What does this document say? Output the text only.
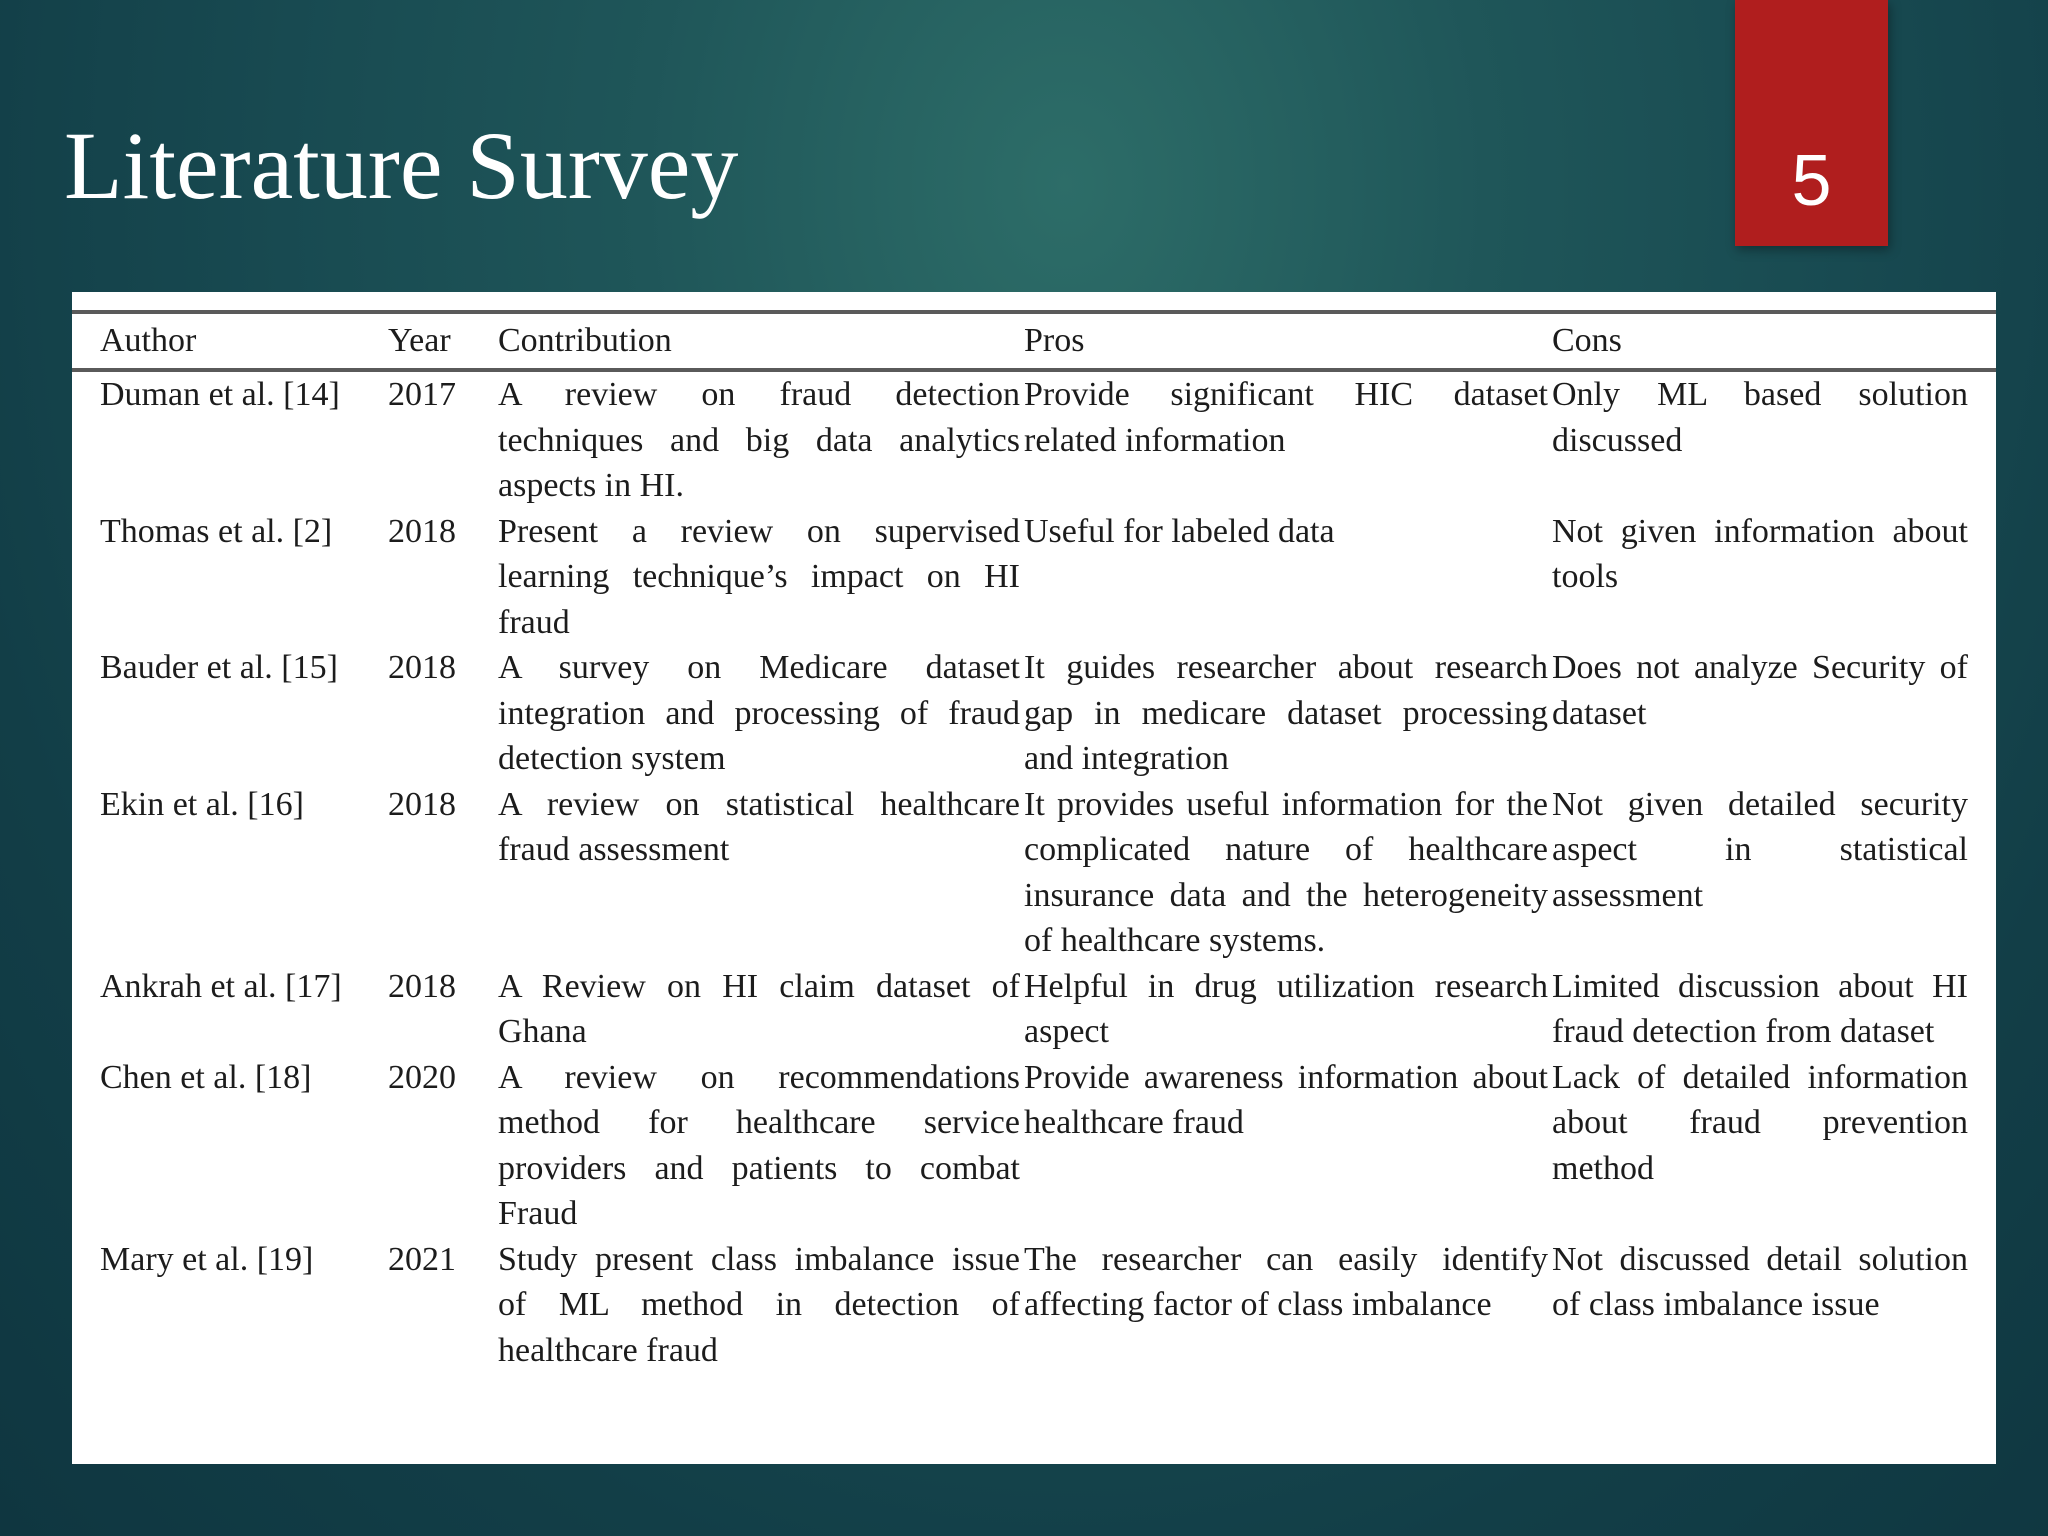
Literature Survey	5
Author	Year	Contribution	Pros	Cons
Duman et al. [14]	2017	A review on fraud detection techniques and big data analytics aspects in HI.	Provide significant HIC dataset related information	Only ML based solution discussed
Thomas et al. [2]	2018	Present a review on supervised learning technique’s impact on HI fraud	Useful for labeled data	Not given information about tools
Bauder et al. [15]	2018	A survey on Medicare dataset integration and processing of fraud detection system	It guides researcher about research gap in medicare dataset processing and integration	Does not analyze Security of dataset
Ekin et al. [16]	2018	A review on statistical healthcare fraud assessment	It provides useful information for the complicated nature of healthcare insurance data and the heterogeneity of healthcare systems.	Not given detailed security aspect in statistical assessment
Ankrah et al. [17]	2018	A Review on HI claim dataset of Ghana	Helpful in drug utilization research aspect	Limited discussion about HI fraud detection from dataset
Chen et al. [18]	2020	A review on recommendations method for healthcare service providers and patients to combat Fraud	Provide awareness information about healthcare fraud	Lack of detailed information about fraud prevention method
Mary et al. [19]	2021	Study present class imbalance issue of ML method in detection of healthcare fraud	The researcher can easily identify affecting factor of class imbalance	Not discussed detail solution of class imbalance issue
